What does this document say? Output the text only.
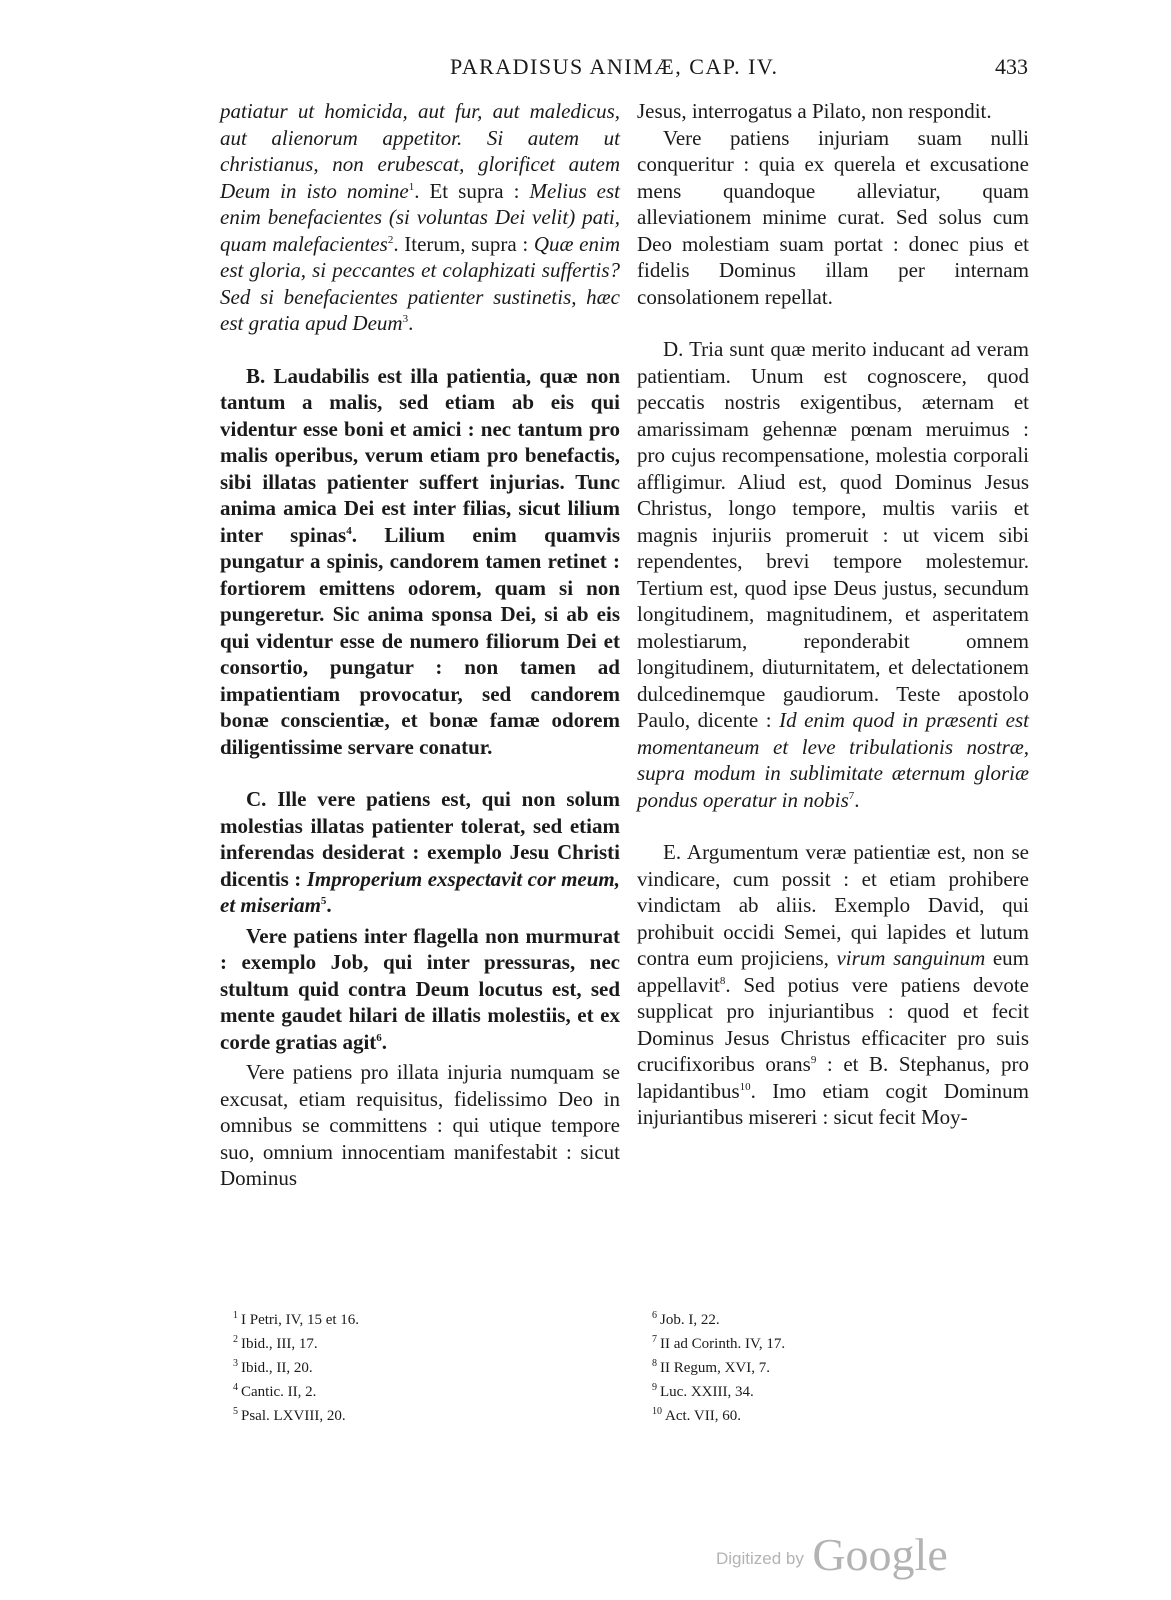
PARADISUS ANIMÆ, CAP. IV.	433

patiatur ut homicida, aut fur, aut maledicus, aut alienorum appetitor. Si autem ut christianus, non erubescat, glorificet autem Deum in isto nomine$^1$. Et supra : Melius est enim benefacientes (si voluntas Dei velit) pati, quam malefacientes$^2$. Iterum, supra : Quæ enim est gloria, si peccantes et colaphizati suffertis? Sed si benefacientes patienter sustinetis, hæc est gratia apud Deum$^3$.

B. Laudabilis est illa patientia, quæ non tantum a malis, sed etiam ab eis qui videntur esse boni et amici : nec tantum pro malis operibus, verum etiam pro benefactis, sibi illatas patienter suffert injurias. Tunc anima amica Dei est inter filias, sicut lilium inter spinas$^4$. Lilium enim quamvis pungatur a spinis, candorem tamen retinet : fortiorem emittens odorem, quam si non pungeretur. Sic anima sponsa Dei, si ab eis qui videntur esse de numero filiorum Dei et consortio, pungatur : non tamen ad impatientiam provocatur, sed candorem bonæ conscientiæ, et bonæ famæ odorem diligentissime servare conatur.

C. Ille vere patiens est, qui non solum molestias illatas patienter tolerat, sed etiam inferendas desiderat : exemplo Jesu Christi dicentis : Improperium exspectavit cor meum, et miseriam$^5$.

Vere patiens inter flagella non murmurat : exemplo Job, qui inter pressuras, nec stultum quid contra Deum locutus est, sed mente gaudet hilari de illatis molestiis, et ex corde gratias agit$^6$.

Vere patiens pro illata injuria numquam se excusat, etiam requisitus, fidelissimo Deo in omnibus se committens : qui utique tempore suo, omnium innocentiam manifestabit : sicut Dominus

Jesus, interrogatus a Pilato, non respondit.

Vere patiens injuriam suam nulli conqueritur : quia ex querela et excusatione mens quandoque alleviatur, quam alleviationem minime curat. Sed solus cum Deo molestiam suam portat : donec pius et fidelis Dominus illam per internam consolationem repellat.

D. Tria sunt quæ merito inducant ad veram patientiam. Unum est cognoscere, quod peccatis nostris exigentibus, æternam et amarissimam gehennæ pœnam meruimus : pro cujus recompensatione, molestia corporali affligimur. Aliud est, quod Dominus Jesus Christus, longo tempore, multis variis et magnis injuriis promeruit : ut vicem sibi rependentes, brevi tempore molestemur. Tertium est, quod ipse Deus justus, secundum longitudinem, magnitudinem, et asperitatem molestiarum, reponderabit omnem longitudinem, diuturnitatem, et delectationem dulcedinemque gaudiorum. Teste apostolo Paulo, dicente : Id enim quod in præsenti est momentaneum et leve tribulationis nostræ, supra modum in sublimitate æternum gloriæ pondus operatur in nobis$^7$.

E. Argumentum veræ patientiæ est, non se vindicare, cum possit : et etiam prohibere vindictam ab aliis. Exemplo David, qui prohibuit occidi Semei, qui lapides et lutum contra eum projiciens, virum sanguinum eum appellavit$^8$. Sed potius vere patiens devote supplicat pro injuriantibus : quod et fecit Dominus Jesus Christus efficaciter pro suis crucifixoribus orans$^9$ : et B. Stephanus, pro lapidantibus$^{10}$. Imo etiam cogit Dominum injuriantibus misereri : sicut fecit Moy-

$^1$ I Petri, IV, 15 et 16.
$^2$ Ibid., III, 17.
$^3$ Ibid., II, 20.
$^4$ Cantic. II, 2.
$^5$ Psal. LXVIII, 20.
$^6$ Job. I, 22.
$^7$ II ad Corinth. IV, 17.
$^8$ II Regum, XVI, 7.
$^9$ Luc. XXIII, 34.
$^{10}$ Act. VII, 60.
Digitized by Google
